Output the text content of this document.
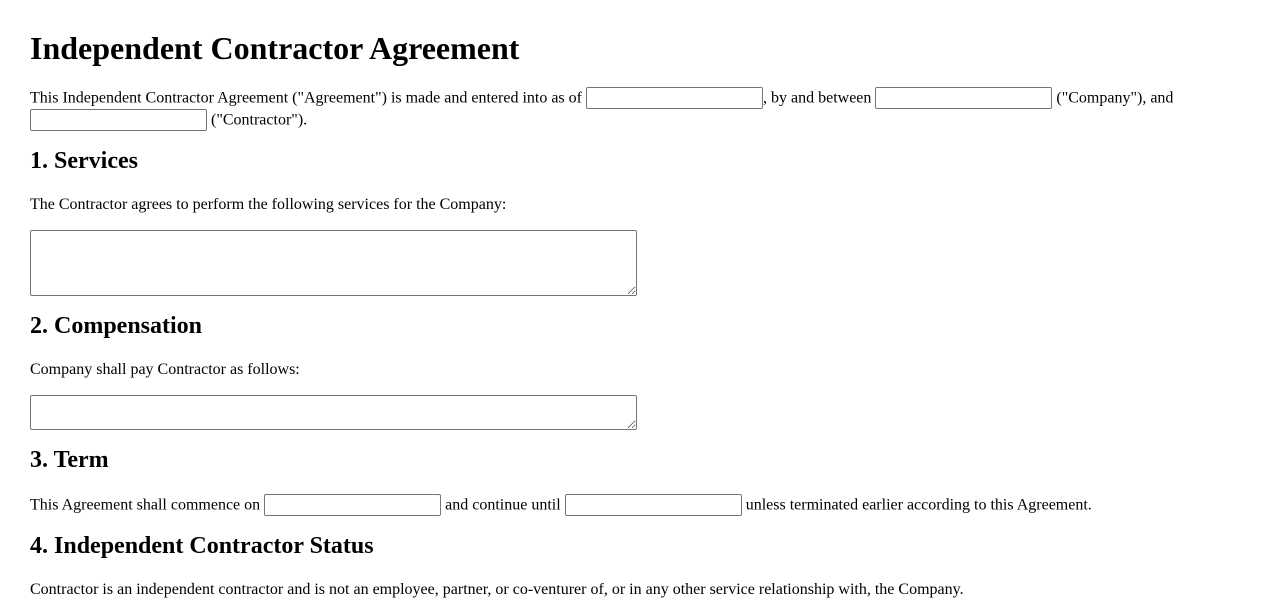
Independent Contractor Agreement

This Independent Contractor Agreement ("Agreement") is made and entered into as of	, by and between	("Company"), and  ("Contractor").

1. Services

The Contractor agrees to perform the following services for the Company:

2. Compensation

Company shall pay Contractor as follows:

3. Term

This Agreement shall commence on	and continue until	unless terminated earlier according to this Agreement.

4. Independent Contractor Status

Contractor is an independent contractor and is not an employee, partner, or co-venturer of, or in any other service relationship with, the Company.
